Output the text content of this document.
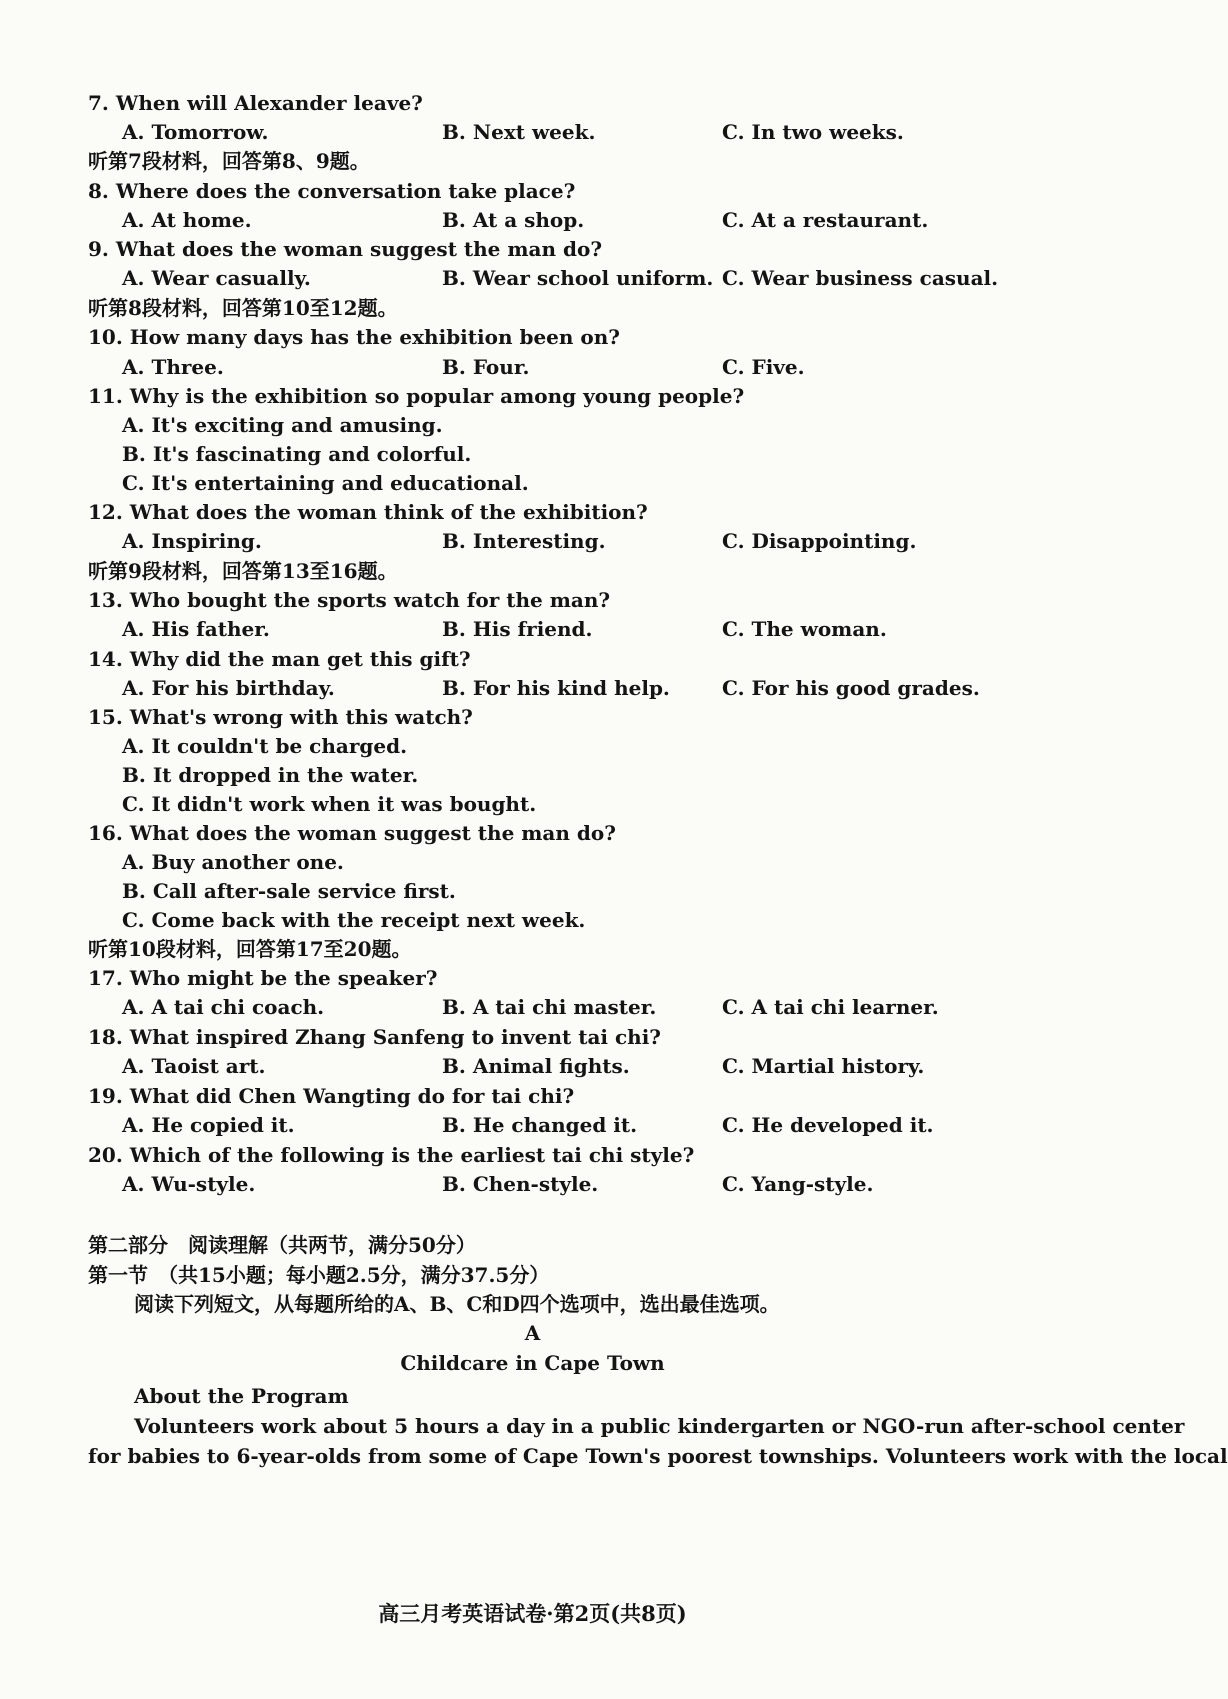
7. When will Alexander leave?
A. Tomorrow.	B. Next week.	C. In two weeks.
听第7段材料，回答第8、9题。
8. Where does the conversation take place?
A. At home.	B. At a shop.	C. At a restaurant.
9. What does the woman suggest the man do?
A. Wear casually.	B. Wear school uniform. C. Wear business casual.
听第8段材料，回答第10至12题。
10. How many days has the exhibition been on?
A. Three.	B. Four.	C. Five.
11. Why is the exhibition so popular among young people?
A. It's exciting and amusing.
B. It's fascinating and colorful.
C. It's entertaining and educational.
12. What does the woman think of the exhibition?
A. Inspiring.	B. Interesting.	C. Disappointing.
听第9段材料，回答第13至16题。
13. Who bought the sports watch for the man?
A. His father.	B. His friend.	C. The woman.
14. Why did the man get this gift?
A. For his birthday.	B. For his kind help.	C. For his good grades.
15. What's wrong with this watch?
A. It couldn't be charged.
B. It dropped in the water.
C. It didn't work when it was bought.
16. What does the woman suggest the man do?
A. Buy another one.
B. Call after-sale service first.
C. Come back with the receipt next week.
听第10段材料，回答第17至20题。
17. Who might be the speaker?
A. A tai chi coach.	B. A tai chi master.	C. A tai chi learner.
18. What inspired Zhang Sanfeng to invent tai chi?
A. Taoist art.	B. Animal fights.	C. Martial history.
19. What did Chen Wangting do for tai chi?
A. He copied it.	B. He changed it.	C. He developed it.
20. Which of the following is the earliest tai chi style?
A. Wu-style.	B. Chen-style.	C. Yang-style.
第二部分　阅读理解（共两节，满分50分）
第一节　（共15小题；每小题2.5分，满分37.5分）
阅读下列短文，从每题所给的A、B、C和D四个选项中，选出最佳选项。
A
Childcare in Cape Town
About the Program
Volunteers work about 5 hours a day in a public kindergarten or NGO-run after-school center
for babies to 6-year-olds from some of Cape Town's poorest townships. Volunteers work with the local
高三月考英语试卷·第2页(共8页)
